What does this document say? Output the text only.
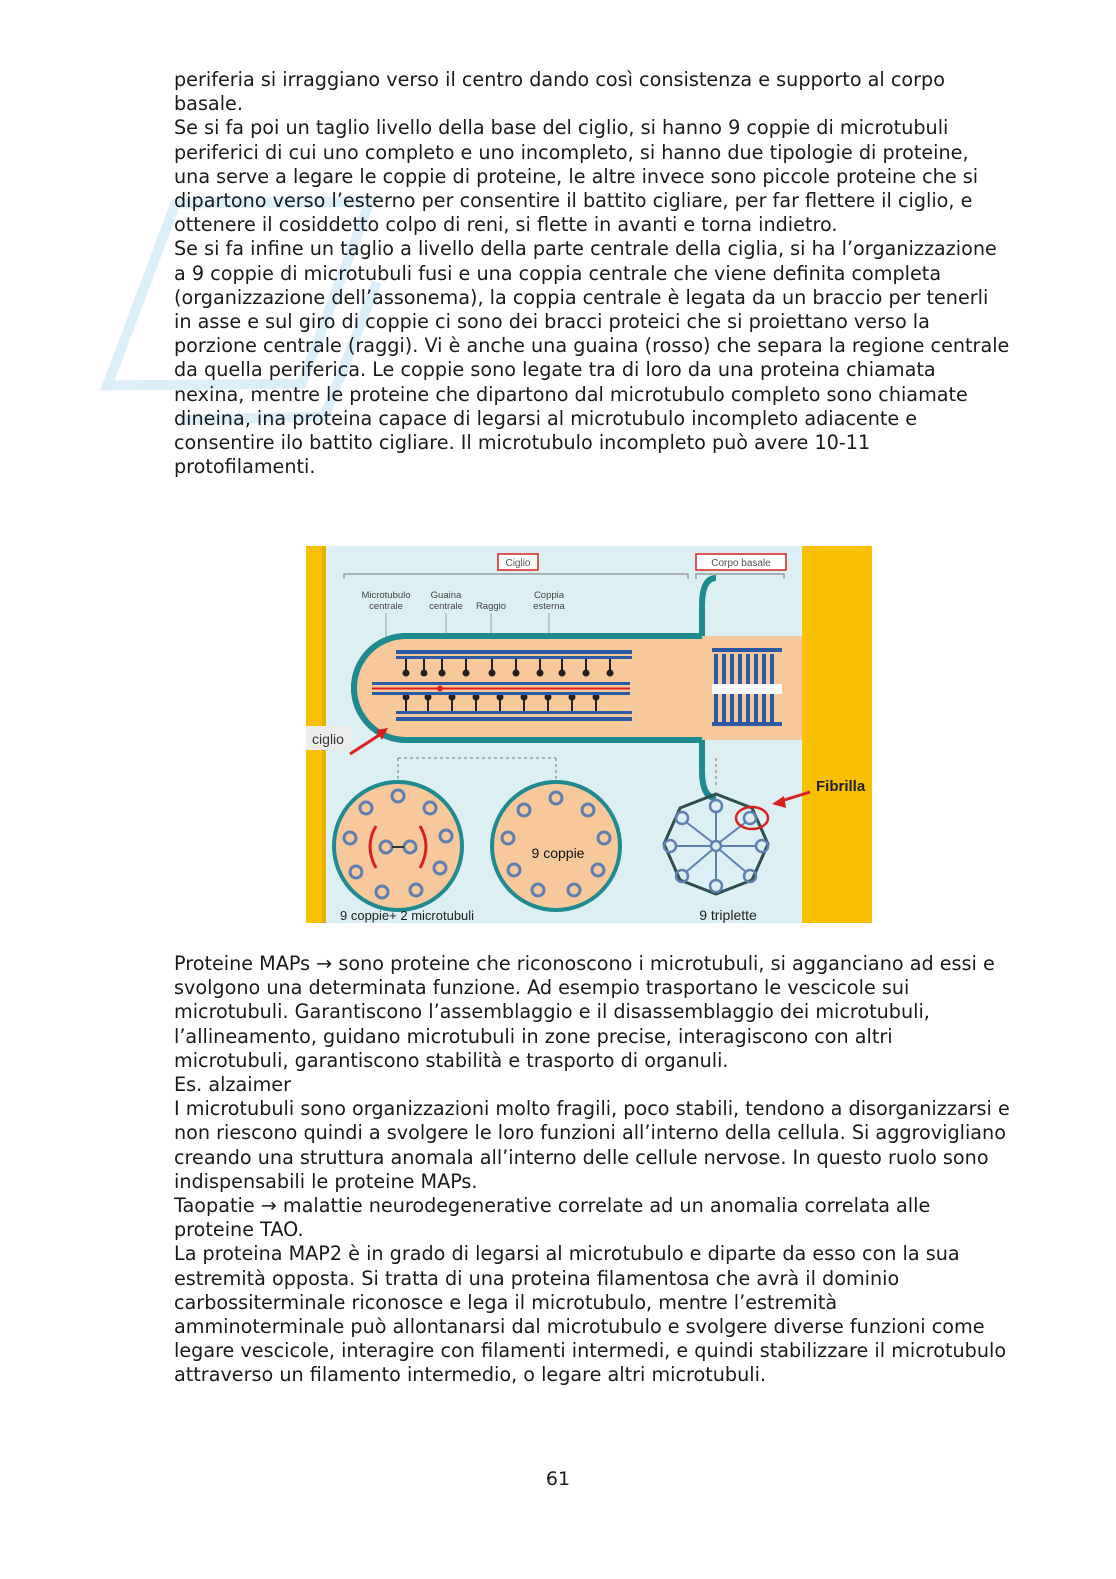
periferia si irraggiano verso il centro dando così consistenza e supporto al corpo basale.

Se si fa poi un taglio livello della base del ciglio, si hanno 9 coppie di microtubuli periferici di cui uno completo e uno incompleto, si hanno due tipologie di proteine, una serve a legare le coppie di proteine, le altre invece sono piccole proteine che si dipartono verso l’esterno per consentire il battito cigliare, per far flettere il ciglio, e ottenere il cosiddetto colpo di reni, si flette in avanti e torna indietro.

Se si fa infine un taglio a livello della parte centrale della ciglia, si ha l’organizzazione a 9 coppie di microtubuli fusi e una coppia centrale che viene definita completa (organizzazione dell’assonema), la coppia centrale è legata da un braccio per tenerli in asse e sul giro di coppie ci sono dei bracci proteici che si proiettano verso la porzione centrale (raggi). Vi è anche una guaina (rosso) che separa la regione centrale da quella periferica. Le coppie sono legate tra di loro da una proteina chiamata nexina, mentre le proteine che dipartono dal microtubulo completo sono chiamate dineina, ina proteina capace di legarsi al microtubulo incompleto adiacente e consentire ilo battito cigliare. Il microtubulo incompleto può avere 10-11 protofilamenti.

Ciglio	Corpo basale
Microtubulo
centrale
Guaina
centrale Raggio
Coppia
esterna
ciglio
9 coppie
Fibrilla
9 coppie+ 2 microtubuli	9 triplette

Proteine MAPs → sono proteine che riconoscono i microtubuli, si agganciano ad essi e svolgono una determinata funzione. Ad esempio trasportano le vescicole sui microtubuli. Garantiscono l’assemblaggio e il disassemblaggio dei microtubuli, l’allineamento, guidano microtubuli in zone precise, interagiscono con altri microtubuli, garantiscono stabilità e trasporto di organuli.

Es. alzaimer

I microtubuli sono organizzazioni molto fragili, poco stabili, tendono a disorganizzarsi e non riescono quindi a svolgere le loro funzioni all’interno della cellula. Si aggrovigliano creando una struttura anomala all’interno delle cellule nervose. In questo ruolo sono indispensabili le proteine MAPs.

Taopatie → malattie neurodegenerative correlate ad un anomalia correlata alle proteine TAO.

La proteina MAP2 è in grado di legarsi al microtubulo e diparte da esso con la sua estremità opposta. Si tratta di una proteina filamentosa che avrà il dominio carbossiterminale riconosce e lega il microtubulo, mentre l’estremità amminoterminale può allontanarsi dal microtubulo e svolgere diverse funzioni come legare vescicole, interagire con filamenti intermedi, e quindi stabilizzare il microtubulo attraverso un filamento intermedio, o legare altri microtubuli.

61
